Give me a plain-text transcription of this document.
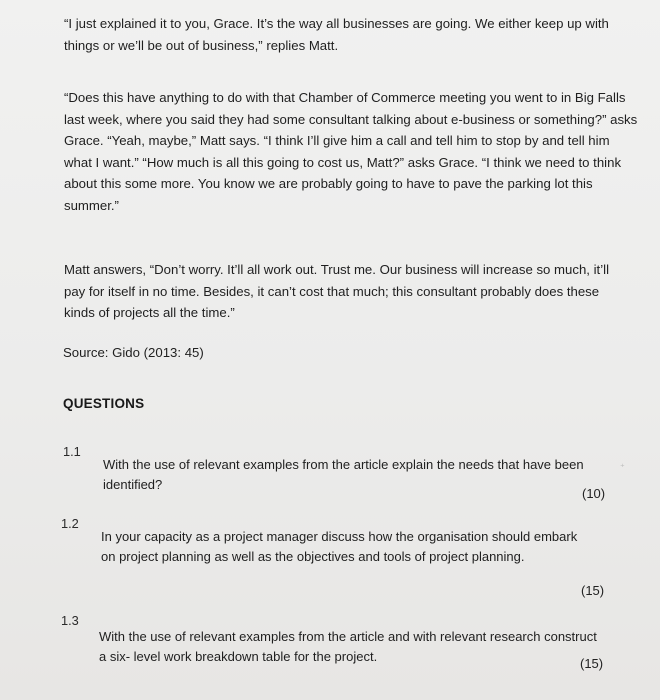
“I just explained it to you, Grace. It’s the way all businesses are going. We either keep up with things or we’ll be out of business,” replies Matt.

“Does this have anything to do with that Chamber of Commerce meeting you went to in Big Falls last week, where you said they had some consultant talking about e-business or something?” asks Grace. “Yeah, maybe,” Matt says. “I think I’ll give him a call and tell him to stop by and tell him what I want.” “How much is all this going to cost us, Matt?” asks Grace. “I think we need to think about this some more. You know we are probably going to have to pave the parking lot this summer.”

Matt answers, “Don’t worry. It’ll all work out. Trust me. Our business will increase so much, it’ll pay for itself in no time. Besides, it can’t cost that much; this consultant probably does these kinds of projects all the time.”

Source: Gido (2013: 45)
QUESTIONS
1.1
With the use of relevant examples from the article explain the needs that have been identified?
(10)
1.2
In your capacity as a project manager discuss how the organisation should embark on project planning as well as the objectives and tools of project planning.
(15)
1.3
With the use of relevant examples from the article and with relevant research construct a six- level work breakdown table for the project.	(15)
⁺
